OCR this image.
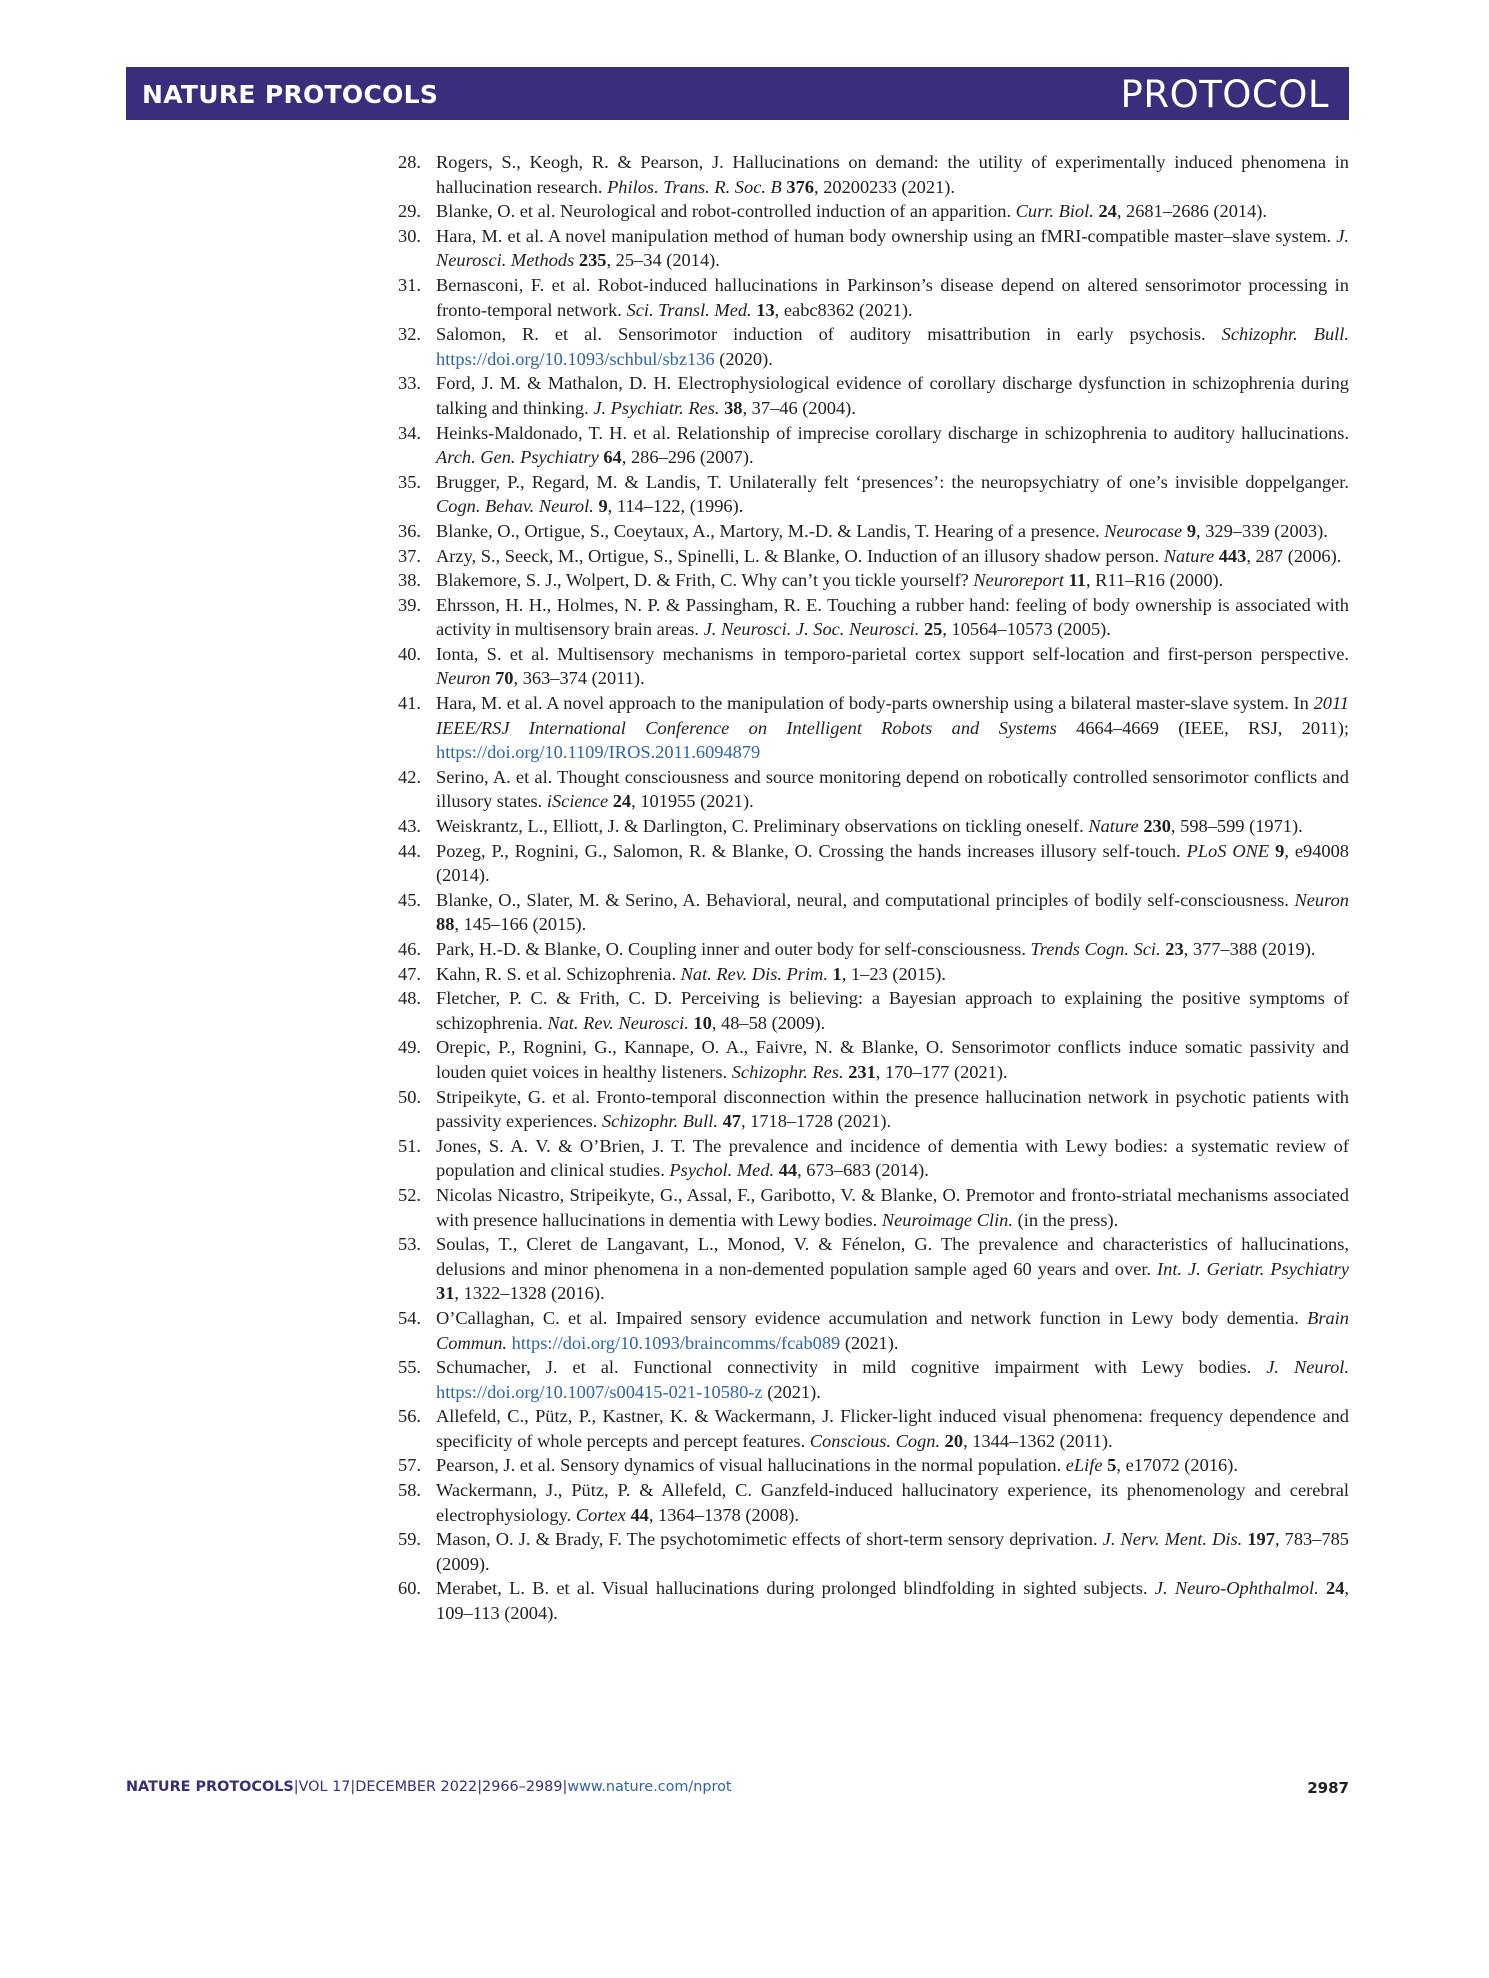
NATURE PROTOCOLS	PROTOCOL
28. Rogers, S., Keogh, R. & Pearson, J. Hallucinations on demand: the utility of experimentally induced phenomena in hallucination research. Philos. Trans. R. Soc. B 376, 20200233 (2021).
29. Blanke, O. et al. Neurological and robot-controlled induction of an apparition. Curr. Biol. 24, 2681–2686 (2014).
30. Hara, M. et al. A novel manipulation method of human body ownership using an fMRI-compatible master–slave system. J. Neurosci. Methods 235, 25–34 (2014).
31. Bernasconi, F. et al. Robot-induced hallucinations in Parkinson’s disease depend on altered sensorimotor processing in fronto-temporal network. Sci. Transl. Med. 13, eabc8362 (2021).
32. Salomon, R. et al. Sensorimotor induction of auditory misattribution in early psychosis. Schizophr. Bull. https://doi.org/10.1093/schbul/sbz136 (2020).
33. Ford, J. M. & Mathalon, D. H. Electrophysiological evidence of corollary discharge dysfunction in schizophrenia during talking and thinking. J. Psychiatr. Res. 38, 37–46 (2004).
34. Heinks-Maldonado, T. H. et al. Relationship of imprecise corollary discharge in schizophrenia to auditory hallucinations. Arch. Gen. Psychiatry 64, 286–296 (2007).
35. Brugger, P., Regard, M. & Landis, T. Unilaterally felt ‘presences’: the neuropsychiatry of one’s invisible doppelganger. Cogn. Behav. Neurol. 9, 114–122, (1996).
36. Blanke, O., Ortigue, S., Coeytaux, A., Martory, M.-D. & Landis, T. Hearing of a presence. Neurocase 9, 329–339 (2003).
37. Arzy, S., Seeck, M., Ortigue, S., Spinelli, L. & Blanke, O. Induction of an illusory shadow person. Nature 443, 287 (2006).
38. Blakemore, S. J., Wolpert, D. & Frith, C. Why can’t you tickle yourself? Neuroreport 11, R11–R16 (2000).
39. Ehrsson, H. H., Holmes, N. P. & Passingham, R. E. Touching a rubber hand: feeling of body ownership is associated with activity in multisensory brain areas. J. Neurosci. J. Soc. Neurosci. 25, 10564–10573 (2005).
40. Ionta, S. et al. Multisensory mechanisms in temporo-parietal cortex support self-location and first-person perspective. Neuron 70, 363–374 (2011).
41. Hara, M. et al. A novel approach to the manipulation of body-parts ownership using a bilateral master-slave system. In 2011 IEEE/RSJ International Conference on Intelligent Robots and Systems 4664–4669 (IEEE, RSJ, 2011); https://doi.org/10.1109/IROS.2011.6094879
42. Serino, A. et al. Thought consciousness and source monitoring depend on robotically controlled sensorimotor conflicts and illusory states. iScience 24, 101955 (2021).
43. Weiskrantz, L., Elliott, J. & Darlington, C. Preliminary observations on tickling oneself. Nature 230, 598–599 (1971).
44. Pozeg, P., Rognini, G., Salomon, R. & Blanke, O. Crossing the hands increases illusory self-touch. PLoS ONE 9, e94008 (2014).
45. Blanke, O., Slater, M. & Serino, A. Behavioral, neural, and computational principles of bodily self-consciousness. Neuron 88, 145–166 (2015).
46. Park, H.-D. & Blanke, O. Coupling inner and outer body for self-consciousness. Trends Cogn. Sci. 23, 377–388 (2019).
47. Kahn, R. S. et al. Schizophrenia. Nat. Rev. Dis. Prim. 1, 1–23 (2015).
48. Fletcher, P. C. & Frith, C. D. Perceiving is believing: a Bayesian approach to explaining the positive symptoms of schizophrenia. Nat. Rev. Neurosci. 10, 48–58 (2009).
49. Orepic, P., Rognini, G., Kannape, O. A., Faivre, N. & Blanke, O. Sensorimotor conflicts induce somatic passivity and louden quiet voices in healthy listeners. Schizophr. Res. 231, 170–177 (2021).
50. Stripeikyte, G. et al. Fronto-temporal disconnection within the presence hallucination network in psychotic patients with passivity experiences. Schizophr. Bull. 47, 1718–1728 (2021).
51. Jones, S. A. V. & O’Brien, J. T. The prevalence and incidence of dementia with Lewy bodies: a systematic review of population and clinical studies. Psychol. Med. 44, 673–683 (2014).
52. Nicolas Nicastro, Stripeikyte, G., Assal, F., Garibotto, V. & Blanke, O. Premotor and fronto-striatal mechanisms associated with presence hallucinations in dementia with Lewy bodies. Neuroimage Clin. (in the press).
53. Soulas, T., Cleret de Langavant, L., Monod, V. & Fénelon, G. The prevalence and characteristics of hallucinations, delusions and minor phenomena in a non-demented population sample aged 60 years and over. Int. J. Geriatr. Psychiatry 31, 1322–1328 (2016).
54. O’Callaghan, C. et al. Impaired sensory evidence accumulation and network function in Lewy body dementia. Brain Commun. https://doi.org/10.1093/braincomms/fcab089 (2021).
55. Schumacher, J. et al. Functional connectivity in mild cognitive impairment with Lewy bodies. J. Neurol. https://doi.org/10.1007/s00415-021-10580-z (2021).
56. Allefeld, C., Pütz, P., Kastner, K. & Wackermann, J. Flicker-light induced visual phenomena: frequency dependence and specificity of whole percepts and percept features. Conscious. Cogn. 20, 1344–1362 (2011).
57. Pearson, J. et al. Sensory dynamics of visual hallucinations in the normal population. eLife 5, e17072 (2016).
58. Wackermann, J., Pütz, P. & Allefeld, C. Ganzfeld-induced hallucinatory experience, its phenomenology and cerebral electrophysiology. Cortex 44, 1364–1378 (2008).
59. Mason, O. J. & Brady, F. The psychotomimetic effects of short-term sensory deprivation. J. Nerv. Ment. Dis. 197, 783–785 (2009).
60. Merabet, L. B. et al. Visual hallucinations during prolonged blindfolding in sighted subjects. J. Neuro-Ophthalmol. 24, 109–113 (2004).
NATURE PROTOCOLS|VOL 17|DECEMBER 2022|2966–2989|www.nature.com/nprot	2987
